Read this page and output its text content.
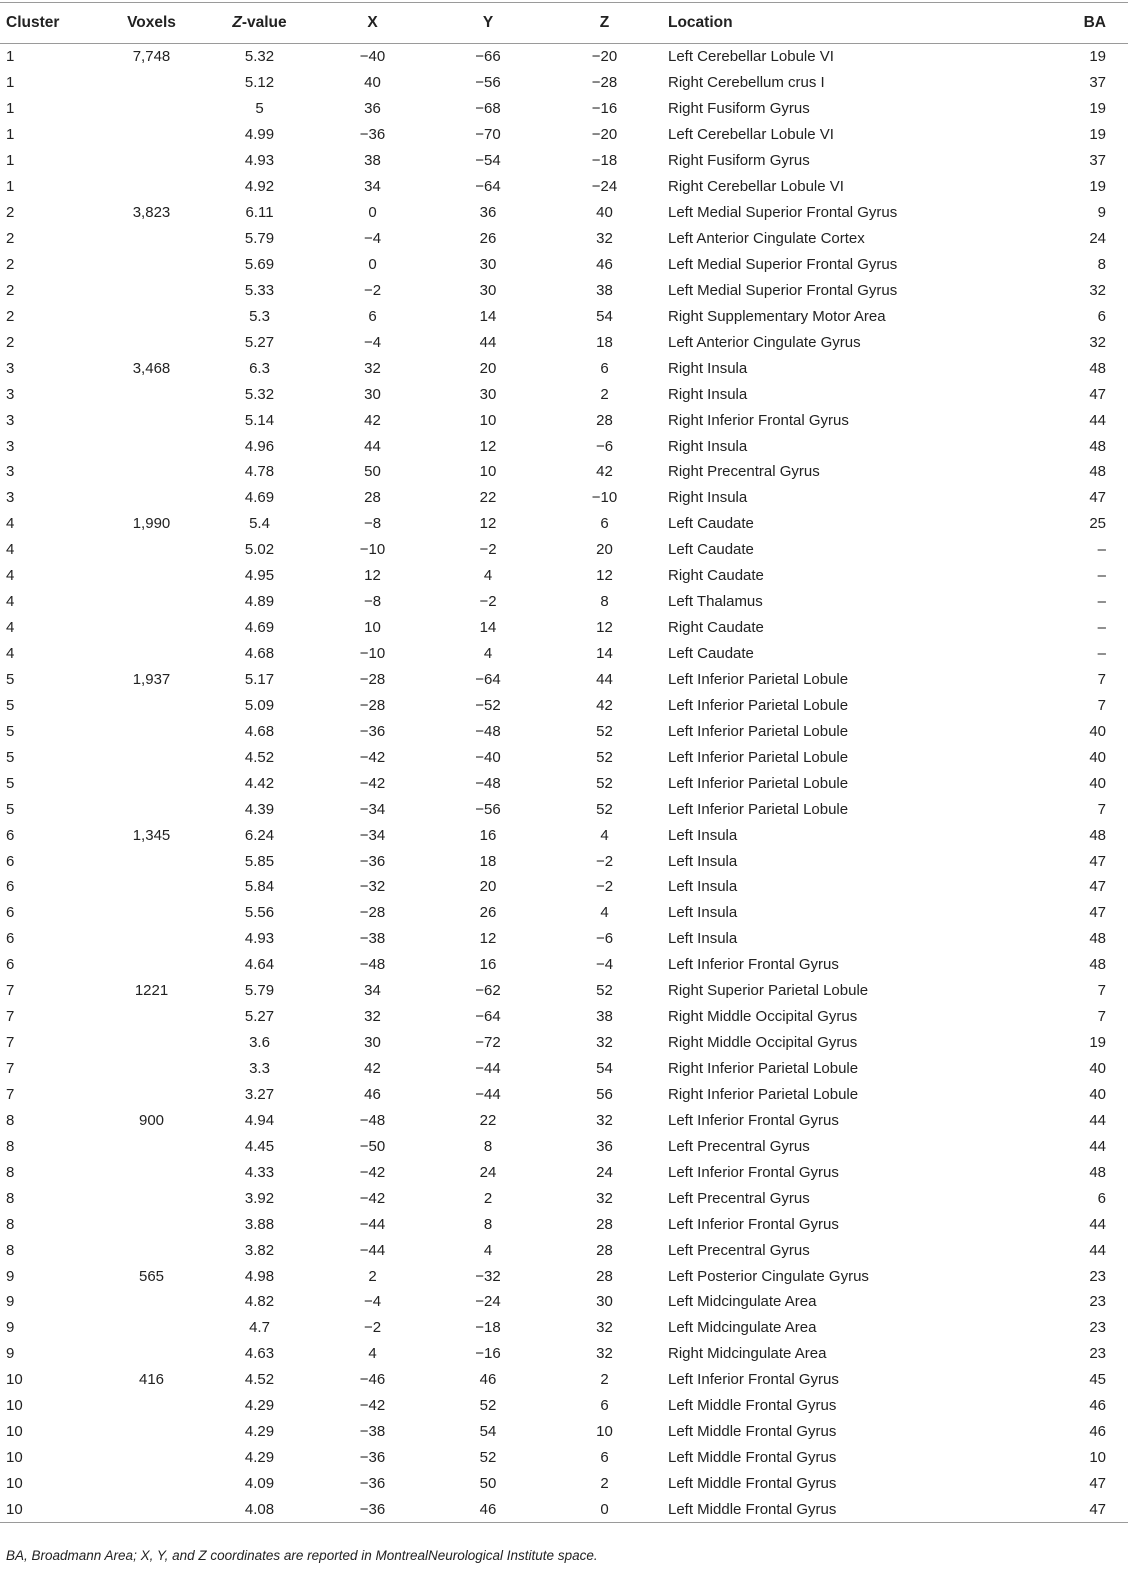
Cluster	Voxels	Z-value	X	Y	Z	Location	BA
1	7,748	5.32	−40	−66	−20	Left Cerebellar Lobule VI	19
1		5.12	40	−56	−28	Right Cerebellum crus I	37
1		5	36	−68	−16	Right Fusiform Gyrus	19
1		4.99	−36	−70	−20	Left Cerebellar Lobule VI	19
1		4.93	38	−54	−18	Right Fusiform Gyrus	37
1		4.92	34	−64	−24	Right Cerebellar Lobule VI	19
2	3,823	6.11	0	36	40	Left Medial Superior Frontal Gyrus	9
2		5.79	−4	26	32	Left Anterior Cingulate Cortex	24
2		5.69	0	30	46	Left Medial Superior Frontal Gyrus	8
2		5.33	−2	30	38	Left Medial Superior Frontal Gyrus	32
2		5.3	6	14	54	Right Supplementary Motor Area	6
2		5.27	−4	44	18	Left Anterior Cingulate Gyrus	32
3	3,468	6.3	32	20	6	Right Insula	48
3		5.32	30	30	2	Right Insula	47
3		5.14	42	10	28	Right Inferior Frontal Gyrus	44
3		4.96	44	12	−6	Right Insula	48
3		4.78	50	10	42	Right Precentral Gyrus	48
3		4.69	28	22	−10	Right Insula	47
4	1,990	5.4	−8	12	6	Left Caudate	25
4		5.02	−10	−2	20	Left Caudate	–
4		4.95	12	4	12	Right Caudate	–
4		4.89	−8	−2	8	Left Thalamus	–
4		4.69	10	14	12	Right Caudate	–
4		4.68	−10	4	14	Left Caudate	–
5	1,937	5.17	−28	−64	44	Left Inferior Parietal Lobule	7
5		5.09	−28	−52	42	Left Inferior Parietal Lobule	7
5		4.68	−36	−48	52	Left Inferior Parietal Lobule	40
5		4.52	−42	−40	52	Left Inferior Parietal Lobule	40
5		4.42	−42	−48	52	Left Inferior Parietal Lobule	40
5		4.39	−34	−56	52	Left Inferior Parietal Lobule	7
6	1,345	6.24	−34	16	4	Left Insula	48
6		5.85	−36	18	−2	Left Insula	47
6		5.84	−32	20	−2	Left Insula	47
6		5.56	−28	26	4	Left Insula	47
6		4.93	−38	12	−6	Left Insula	48
6		4.64	−48	16	−4	Left Inferior Frontal Gyrus	48
7	1221	5.79	34	−62	52	Right Superior Parietal Lobule	7
7		5.27	32	−64	38	Right Middle Occipital Gyrus	7
7		3.6	30	−72	32	Right Middle Occipital Gyrus	19
7		3.3	42	−44	54	Right Inferior Parietal Lobule	40
7		3.27	46	−44	56	Right Inferior Parietal Lobule	40
8	900	4.94	−48	22	32	Left Inferior Frontal Gyrus	44
8		4.45	−50	8	36	Left Precentral Gyrus	44
8		4.33	−42	24	24	Left Inferior Frontal Gyrus	48
8		3.92	−42	2	32	Left Precentral Gyrus	6
8		3.88	−44	8	28	Left Inferior Frontal Gyrus	44
8		3.82	−44	4	28	Left Precentral Gyrus	44
9	565	4.98	2	−32	28	Left Posterior Cingulate Gyrus	23
9		4.82	−4	−24	30	Left Midcingulate Area	23
9		4.7	−2	−18	32	Left Midcingulate Area	23
9		4.63	4	−16	32	Right Midcingulate Area	23
10	416	4.52	−46	46	2	Left Inferior Frontal Gyrus	45
10		4.29	−42	52	6	Left Middle Frontal Gyrus	46
10		4.29	−38	54	10	Left Middle Frontal Gyrus	46
10		4.29	−36	52	6	Left Middle Frontal Gyrus	10
10		4.09	−36	50	2	Left Middle Frontal Gyrus	47
10		4.08	−36	46	0	Left Middle Frontal Gyrus	47
BA, Broadmann Area; X, Y, and Z coordinates are reported in MontrealNeurological Institute space.
